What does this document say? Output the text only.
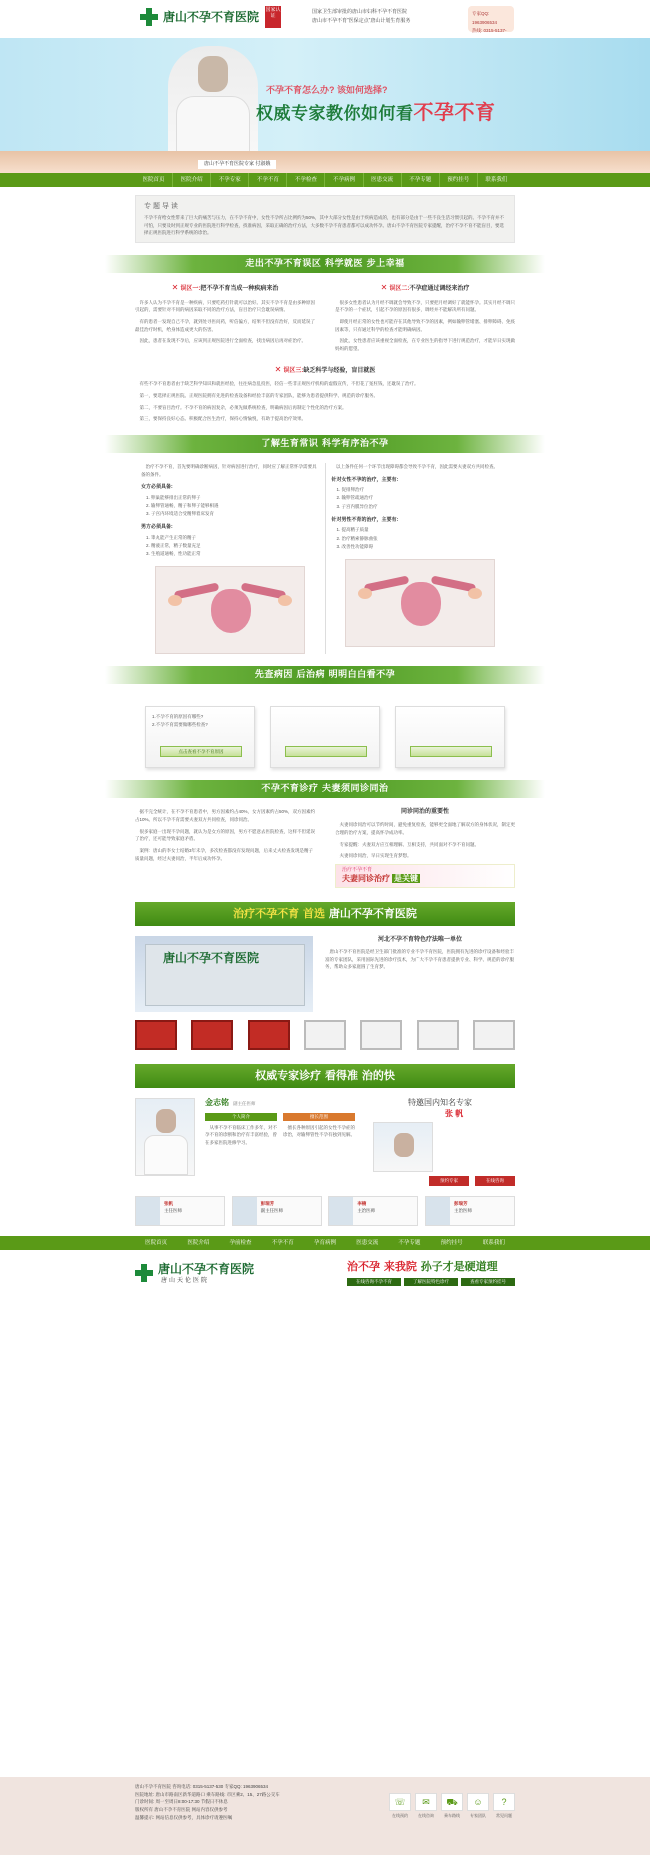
唐山不孕不育医院 国家认证
国家卫生部审批的唐山市妇科不孕不育医院
唐山市不孕不育“医保定点”唐山计划生育服务
专家QQ: 1963906534
热线: 0315-5137-
不孕不育怎么办? 该如何选择?
权威专家教你如何看不孕不育
唐山不孕不育医院专家 付淑娥
医院首页	医院介绍	不孕专家	不孕不育	不孕检查	不孕病例	医患交流	不孕专题	预约挂号	联系我们
专 题 导 读

不孕不育给女性带来了巨大的痛苦与压力，在不孕不育中，女性不孕所占比例约为50%，其中大部分女性是由于疾病造成的，也有部分是由于一些不良生活习惯引起的。不孕不育并不可怕，只要及时到正规专业的医院进行科学检查，找准病因，采取正确的治疗方法，大多数不孕不育患者都可以成功怀孕。唐山不孕不育医院专家提醒，治疗不孕不育不能盲目，要选择正规医院进行科学系统的诊治。

走出不孕不育误区 科学就医 步上幸福
✕ 误区一:把不孕不育当成一种疾病来治

许多人认为不孕不育是一种疾病，只要吃药打针就可以治好。其实不孕不育是由多种原因引起的，需要针对不同的病因采取不同的治疗方法，盲目治疗只会耽误病情。

有的患者一发现自己不孕，就到处寻医问药，听信偏方，结果不但没有治好，反而延误了最佳治疗时机，给身体造成更大的伤害。

因此，患者在发现不孕后，应该到正规医院进行全面检查，找出病因后再对症治疗。

✕ 误区二:不孕症通过调经来治疗

很多女性患者认为月经不调就会导致不孕，只要把月经调好了就能怀孕。其实月经不调只是不孕的一个症状，引起不孕的原因有很多，调经并不能解决所有问题。

即使月经正常的女性也可能存在其他导致不孕的因素，例如输卵管堵塞、排卵障碍、免疫因素等，只有通过科学的检查才能明确病因。

因此，女性患者应该重视全面检查，在专业医生的指导下进行规范治疗，才能早日实现做妈妈的愿望。

✕ 误区三:缺乏科学与经验，盲目就医

有些不孕不育患者由于缺乏科学知识和就医经验，往往病急乱投医，轻信一些非正规医疗机构的虚假宣传，不但花了冤枉钱，还耽误了治疗。

第一，要选择正规医院。正规医院拥有先进的检查设备和经验丰富的专家团队，能够为患者提供科学、规范的诊疗服务。

第二，不要盲目治疗。不孕不育的病因复杂，必须先做系统检查，明确病因后再制定个性化的治疗方案。

第三，要保持良好心态。积极配合医生治疗，保持心情愉悦，有助于提高治疗效果。

了解生育常识 科学有序治不孕

治疗不孕不育，首先要明确诊断病因，针对病因进行治疗，同时应了解正常怀孕需要具备的条件。

女方必须具备:
1. 卵巢能够排出正常的卵子
2. 输卵管通畅，精子和卵子能够相遇
3. 子宫内环境适合受精卵着床发育
男方必须具备:
1. 睾丸能产生正常的精子
2. 精液正常，精子数量充足
3. 生殖道通畅，性功能正常

以上条件任何一个环节出现障碍都会导致不孕不育，因此需要夫妻双方共同检查。

针对女性不孕的治疗，主要有:
1. 促排卵治疗
2. 输卵管疏通治疗
3. 子宫内膜异位治疗
针对男性不育的治疗，主要有:
1. 提高精子质量
2. 治疗精索静脉曲张
3. 改善性功能障碍
先查病因 后治病 明明白白看不孕
1.不孕不育的原因有哪些?
2.不孕不育需要做哪些检查?
点击查看不孕不育原因
不孕不育诊疗 夫妻须同诊同治

据不完全统计，在不孕不育患者中，男方因素约占40%，女方因素约占50%，双方因素约占10%。所以不孕不育需要夫妻双方共同检查，同诊同治。

很多家庭一出现不孕问题，就认为是女方的原因，男方不愿意去医院检查，这样不但延误了治疗，还可能导致家庭矛盾。

案例：唐山的李女士结婚3年未孕，多次检查都没有发现问题，后来丈夫检查发现是精子质量问题，经过夫妻同治，半年后成功怀孕。

同诊同治的重要性

夫妻同诊同治可以节约时间，避免重复检查，能够更全面地了解双方的身体状况，制定更合理的治疗方案，提高怀孕成功率。

专家提醒：夫妻双方应互相理解、互相支持，共同面对不孕不育问题。

夫妻同诊同治，早日实现生育梦想。

治疗不孕不育
夫妻同诊治疗 是关键
治疗不孕不育 首选 唐山不孕不育医院
唐山不孕不育医院
河北不孕不育特色疗法唯一单位

唐山不孕不育医院是经卫生部门批准的专业不孕不育医院，医院拥有先进的诊疗设备和经验丰富的专家团队，采用国际先进的诊疗技术，为广大不孕不育患者提供专业、科学、规范的诊疗服务，帮助众多家庭圆了生育梦。

权威专家诊疗 看得准 治的快
金志铭 副主任医师
个人简介	擅长范围

从事不孕不育临床工作多年，对不孕不育的诊断和治疗有丰富经验，曾在多家医院进修学习。

擅长各种原因引起的女性不孕症的诊治，对输卵管性不孕有独到见解。

特邀国内知名专家
张 帆
预约专家	在线咨询
张帆
主任医师
彭瑞芳
副主任医师
李楠
主治医师
彭瑞芳
主治医师
医院首页	医院介绍	孕前检查	不孕不育	孕育病例	医患交流	不孕专题	预约挂号	联系我们
唐山不孕不育医院
唐山天伦医院
治不孕 来我院 孙子才是硬道理
在线咨询不孕不育	了解医院特色诊疗	查看专家预约挂号
唐山不孕不育医院 咨询电话: 0315-5137-530 专家QQ: 1963906534
医院地址: 唐山市路南区新华道路口 乘车路线: 市区乘2、15、27路公交车
门诊时间: 周一至周日8:00-17:30 节假日不休息
版权所有 唐山不孕不育医院 网站内容仅供参考
温馨提示: 网站信息仅供参考，具体诊疗请遵医嘱
☏
在线预约
✉
在线咨询
⛟
乘车路线
☺
专家团队
?
常见问题
